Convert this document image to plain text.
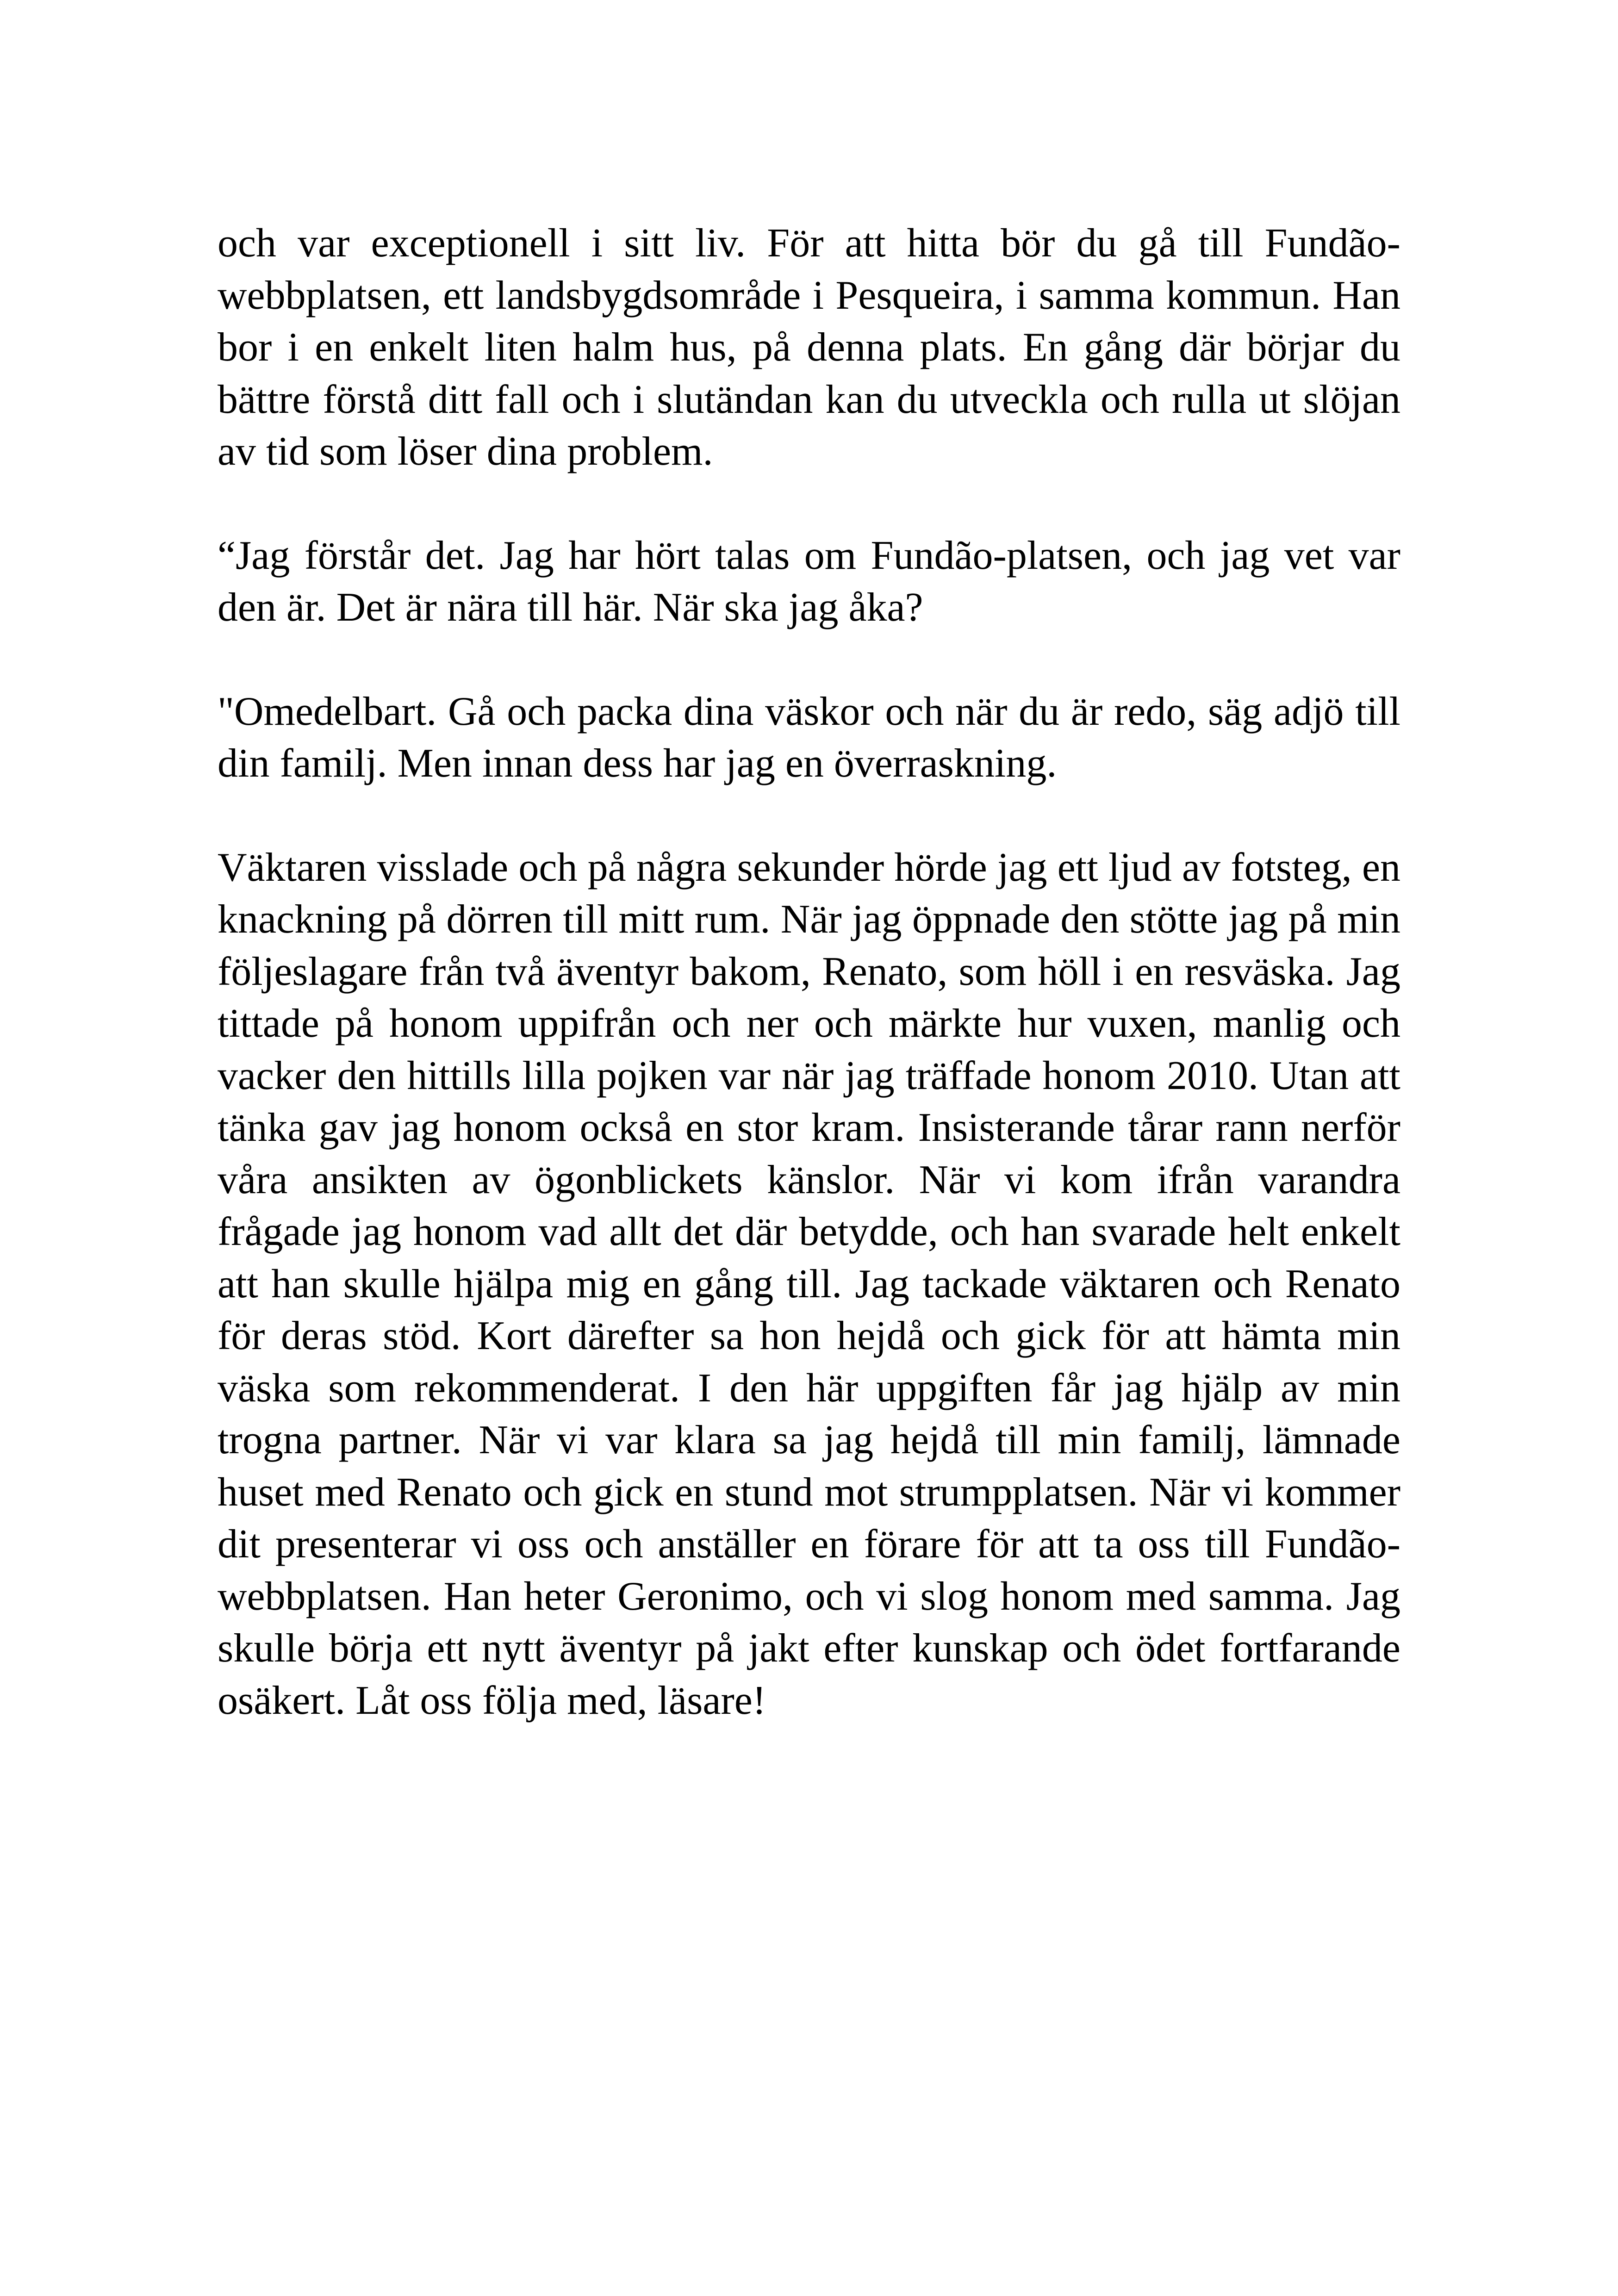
och var exceptionell i sitt liv. För att hitta bör du gå till Fundão-webbplatsen, ett landsbygdsområde i Pesqueira, i samma kommun. Han bor i en enkelt liten halm hus, på denna plats. En gång där börjar du bättre förstå ditt fall och i slutändan kan du utveckla och rulla ut slöjan av tid som löser dina problem.

“Jag förstår det. Jag har hört talas om Fundão-platsen, och jag vet var den är. Det är nära till här. När ska jag åka?

"Omedelbart. Gå och packa dina väskor och när du är redo, säg adjö till din familj. Men innan dess har jag en överraskning.

Väktaren visslade och på några sekunder hörde jag ett ljud av fotsteg, en knackning på dörren till mitt rum. När jag öppnade den stötte jag på min följeslagare från två äventyr bakom, Renato, som höll i en resväska. Jag tittade på honom uppifrån och ner och märkte hur vuxen, manlig och vacker den hittills lilla pojken var när jag träffade honom 2010. Utan att tänka gav jag honom också en stor kram. Insisterande tårar rann nerför våra ansikten av ögonblickets känslor. När vi kom ifrån varandra frågade jag honom vad allt det där betydde, och han svarade helt enkelt att han skulle hjälpa mig en gång till. Jag tackade väktaren och Renato för deras stöd. Kort därefter sa hon hejdå och gick för att hämta min väska som rekommenderat. I den här uppgiften får jag hjälp av min trogna partner. När vi var klara sa jag hejdå till min familj, lämnade huset med Renato och gick en stund mot strumpplatsen. När vi kommer dit presenterar vi oss och anställer en förare för att ta oss till Fundão-webbplatsen. Han heter Geronimo, och vi slog honom med samma. Jag skulle börja ett nytt äventyr på jakt efter kunskap och ödet fortfarande osäkert. Låt oss följa med, läsare!
